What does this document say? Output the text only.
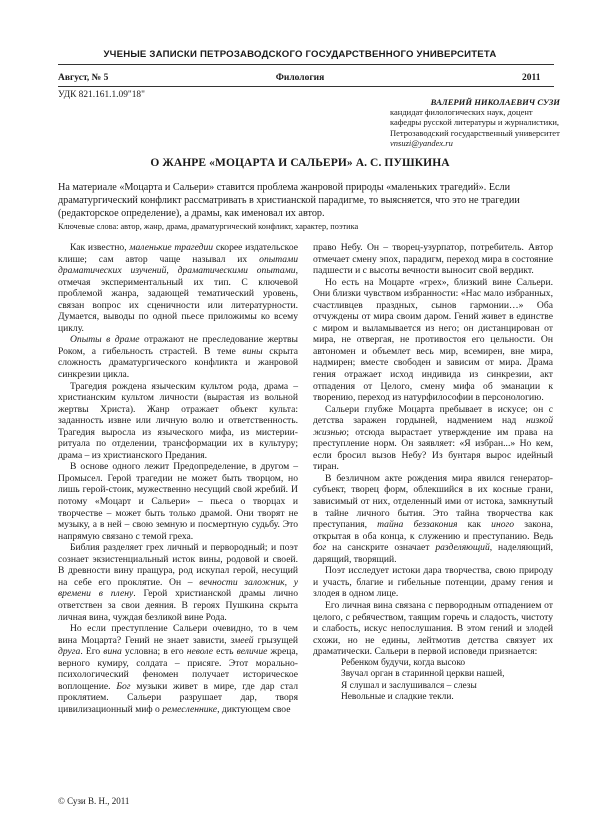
УЧЕНЫЕ ЗАПИСКИ ПЕТРОЗАВОДСКОГО ГОСУДАРСТВЕННОГО УНИВЕРСИТЕТА
Август, № 5	Филология	2011
УДК 821.161.1.09"18"
ВАЛЕРИЙ НИКОЛАЕВИЧ СУЗИ
кандидат филологических наук, доцент кафедры русской литературы и журналистики, Петрозаводский государственный университет
vnsuzi@yandex.ru
О ЖАНРЕ «МОЦАРТА И САЛЬЕРИ» А. С. ПУШКИНА
На материале «Моцарта и Сальери» ставится проблема жанровой природы «маленьких трагедий». Если драматургический конфликт рассматривать в христианской парадигме, то выясняется, что это не трагедии (редакторское определение), а драмы, как именовал их автор.
Ключевые слова: автор, жанр, драма, драматургический конфликт, характер, поэтика

Как известно, маленькие трагедии скорее издательское клише; сам автор чаще называл их опытами драматических изучений, драматическими опытами, отмечая экспериментальный их тип. С ключевой проблемой жанра, задающей тематический уровень, связан вопрос их сценичности или литературности. Думается, выводы по одной пьесе приложимы ко всему циклу.

Опыты в драме отражают не преследование жертвы Роком, а гибельность страстей. В теме вины скрыта сложность драматургического конфликта и жанровой синкрезии цикла.

Трагедия рождена языческим культом рода, драма – христианским культом личности (вырастая из вольной жертвы Христа). Жанр отражает объект культа: заданность извне или личную волю и ответственность. Трагедия выросла из языческого мифа, из мистерии-ритуала по отделении, трансформации их в культуру; драма – из христианского Предания.

В основе одного лежит Предопределение, в другом – Промысел. Герой трагедии не может быть творцом, но лишь герой-стоик, мужественно несущий свой жребий. И потому «Моцарт и Сальери» – пьеса о творцах и творчестве – может быть только драмой. Они творят не музыку, а в ней – свою земную и посмертную судьбу. Это напрямую связано с темой греха.

Библия разделяет грех личный и первородный; и поэт сознает экзистенциальный исток вины, родовой и своей. В древности вину пращура, род искупал герой, несущий на себе его проклятие. Он – вечности заложник, у времени в плену. Герой христианской драмы лично ответствен за свои деяния. В героях Пушкина скрыта личная вина, чуждая безликой вине Рода.

Но если преступление Сальери очевидно, то в чем вина Моцарта? Гений не знает зависти, змеей грызущей друга. Его вина условна; в его неволе есть величие жреца, верного кумиру, солдата – присяге. Этот морально-психологический феномен получает историческое воплощение. Бог музыки живет в мире, где дар стал проклятием. Сальери разрушает дар, творя цивилизационный миф о ремесленнике, диктующем свое

право Небу. Он – творец-узурпатор, потребитель. Автор отмечает смену эпох, парадигм, переход мира в состояние падшести и с высоты вечности выносит свой вердикт.

Но есть на Моцарте «грех», близкий вине Сальери. Они близки чувством избранности: «Нас мало избранных, счастливцев праздных, сынов гармонии…» Оба отчуждены от мира своим даром. Гений живет в единстве с миром и выламывается из него; он дистанцирован от мира, не отвергая, не противостоя его цельности. Он автономен и объемлет весь мир, всемирен, вне мира, надмирен; вместе свободен и зависим от мира. Драма гения отражает исход индивида из синкрезии, акт отпадения от Целого, смену мифа об эманации к творению, переход из натурфилософии в персонологию.

Сальери глубже Моцарта пребывает в искусе; он с детства заражен гордыней, надмением над низкой жизнью; отсюда вырастает утверждение им права на преступление норм. Он заявляет: «Я избран...» Но кем, если бросил вызов Небу? Из бунтаря вырос идейный тиран.

В безличном акте рождения мира явился генератор-субъект, творец форм, облекшийся в их косные грани, зависимый от них, отделенный ими от истока, замкнутый в тайне личного бытия. Это тайна творчества как преступания, тайна беззакония как иного закона, открытая в оба конца, к служению и преступанию. Ведь бог на санскрите означает разделяющий, наделяющий, дарящий, творящий.

Поэт исследует истоки дара творчества, свою природу и участь, благие и гибельные потенции, драму гения и злодея в одном лице.

Его личная вина связана с первородным отпадением от целого, с ребячеством, таящим горечь и сладость, чистоту и слабость, искус непослушания. В этом гений и злодей схожи, но не едины, лейтмотив детства связует их драматически. Сальери в первой исповеди признается:

Ребенком будучи, когда высоко
Звучал орган в старинной церкви нашей,
Я слушал и заслушивался – слезы
Невольные и сладкие текли.
© Сузи В. Н., 2011
